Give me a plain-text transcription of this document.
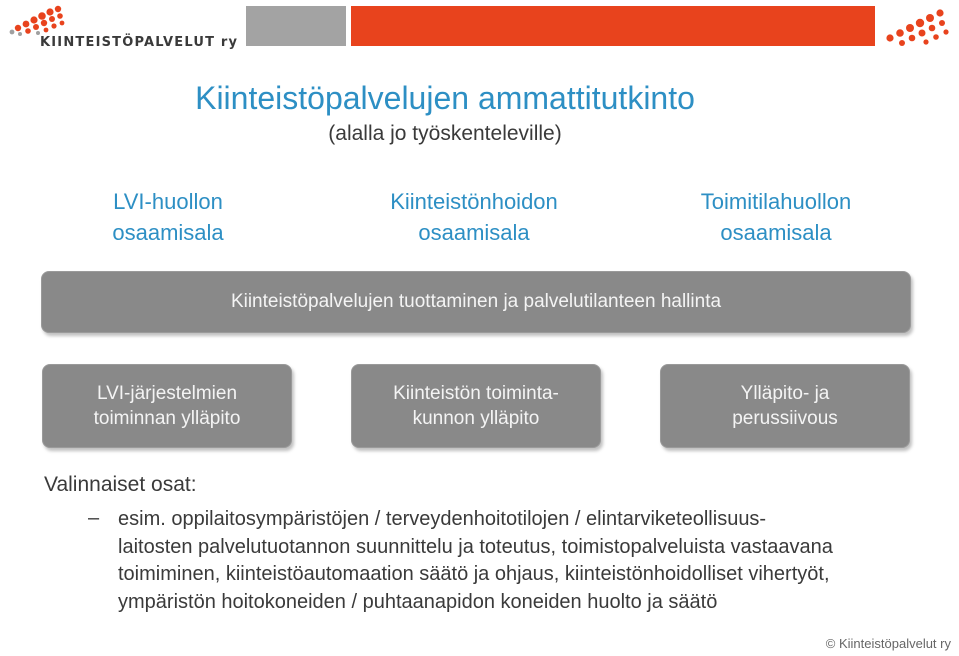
KIINTEISTÖPALVELUT ry
Kiinteistöpalvelujen ammattitutkinto
(alalla jo työskenteleville)
LVI-huollon
osaamisala
Kiinteistönhoidon
osaamisala
Toimitilahuollon
osaamisala
Kiinteistöpalvelujen tuottaminen ja palvelutilanteen hallinta
LVI-järjestelmien
toiminnan ylläpito
Kiinteistön toiminta-
kunnon ylläpito
Ylläpito- ja
perussiivous
Valinnaiset osat:
– esim. oppilaitosympäristöjen / terveydenhoitotilojen / elintarviketeollisuus-
laitosten palvelutuotannon suunnittelu ja toteutus, toimistopalveluista vastaavana
toimiminen, kiinteistöautomaation säätö ja ohjaus, kiinteistönhoidolliset vihertyöt,
ympäristön hoitokoneiden / puhtaanapidon koneiden huolto ja säätö
© Kiinteistöpalvelut ry
